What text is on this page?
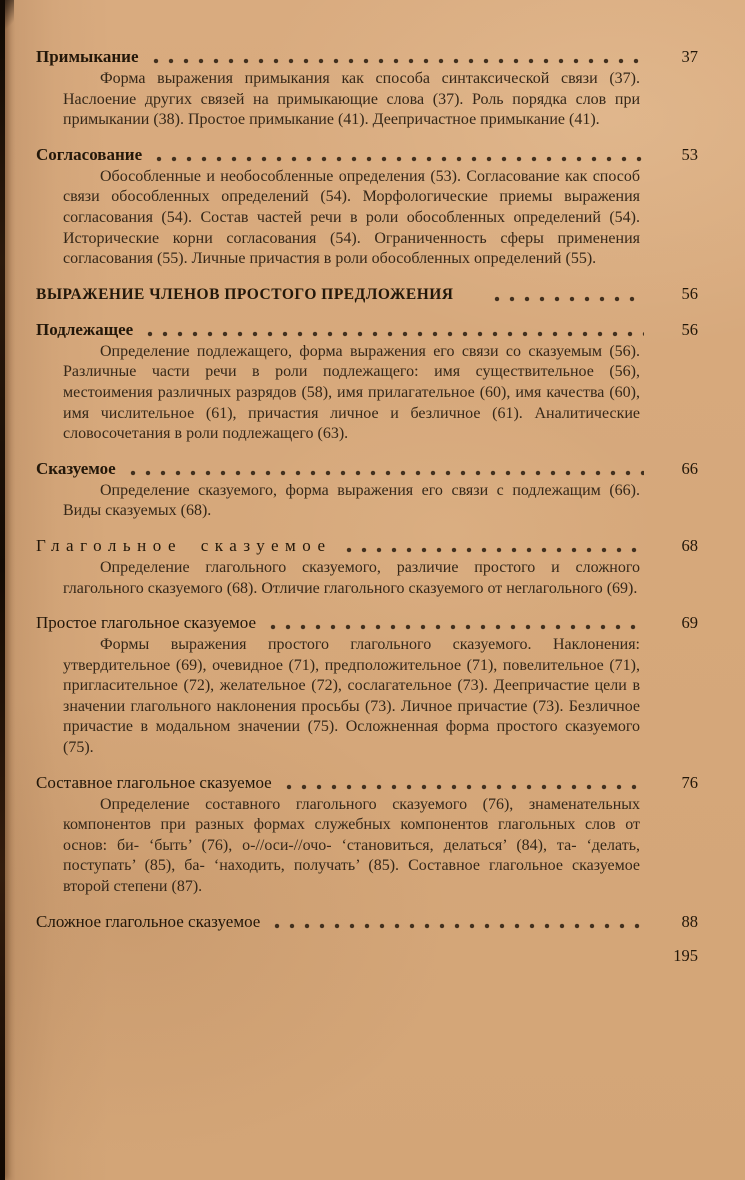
Примыкание	37

Форма выражения примыкания как способа синтаксической связи (37). Наслоение других связей на примыкающие слова (37). Роль порядка слов при примыкании (38). Простое примыкание (41). Деепричастное примыкание (41).

Согласование	53

Обособленные и необособленные определения (53). Согласование как способ связи обособленных определений (54). Морфологические приемы выражения согласования (54). Состав частей речи в роли обособленных определений (54). Исторические корни согласования (54). Ограниченность сферы применения согласования (55). Личные причастия в роли обособленных определений (55).

ВЫРАЖЕНИЕ ЧЛЕНОВ ПРОСТОГО ПРЕДЛОЖЕНИЯ	56
Подлежащее	56

Определение подлежащего, форма выражения его связи со сказуемым (56). Различные части речи в роли подлежащего: имя существительное (56), местоимения различных разрядов (58), имя прилагательное (60), имя качества (60), имя числительное (61), причастия личное и безличное (61). Аналитические словосочетания в роли подлежащего (63).

Сказуемое	66

Определение сказуемого, форма выражения его связи с подлежащим (66). Виды сказуемых (68).

Глагольное сказуемое	68

Определение глагольного сказуемого, различие простого и сложного глагольного сказуемого (68). Отличие глагольного сказуемого от неглагольного (69).

Простое глагольное сказуемое	69

Формы выражения простого глагольного сказуемого. Наклонения: утвердительное (69), очевидное (71), предположительное (71), повелительное (71), пригласительное (72), желательное (72), сослагательное (73). Деепричастие цели в значении глагольного наклонения просьбы (73). Личное причастие (73). Безличное причастие в модальном значении (75). Осложненная форма простого сказуемого (75).

Составное глагольное сказуемое	76

Определение составного глагольного сказуемого (76), знаменательных компонентов при разных формах служебных компонентов глагольных слов от основ: би- ‘быть’ (76), о-//оси-//очо- ‘становиться, делаться’ (84), та- ‘делать, поступать’ (85), ба- ‘находить, получать’ (85). Составное глагольное сказуемое второй степени (87).

Сложное глагольное сказуемое	88
195
